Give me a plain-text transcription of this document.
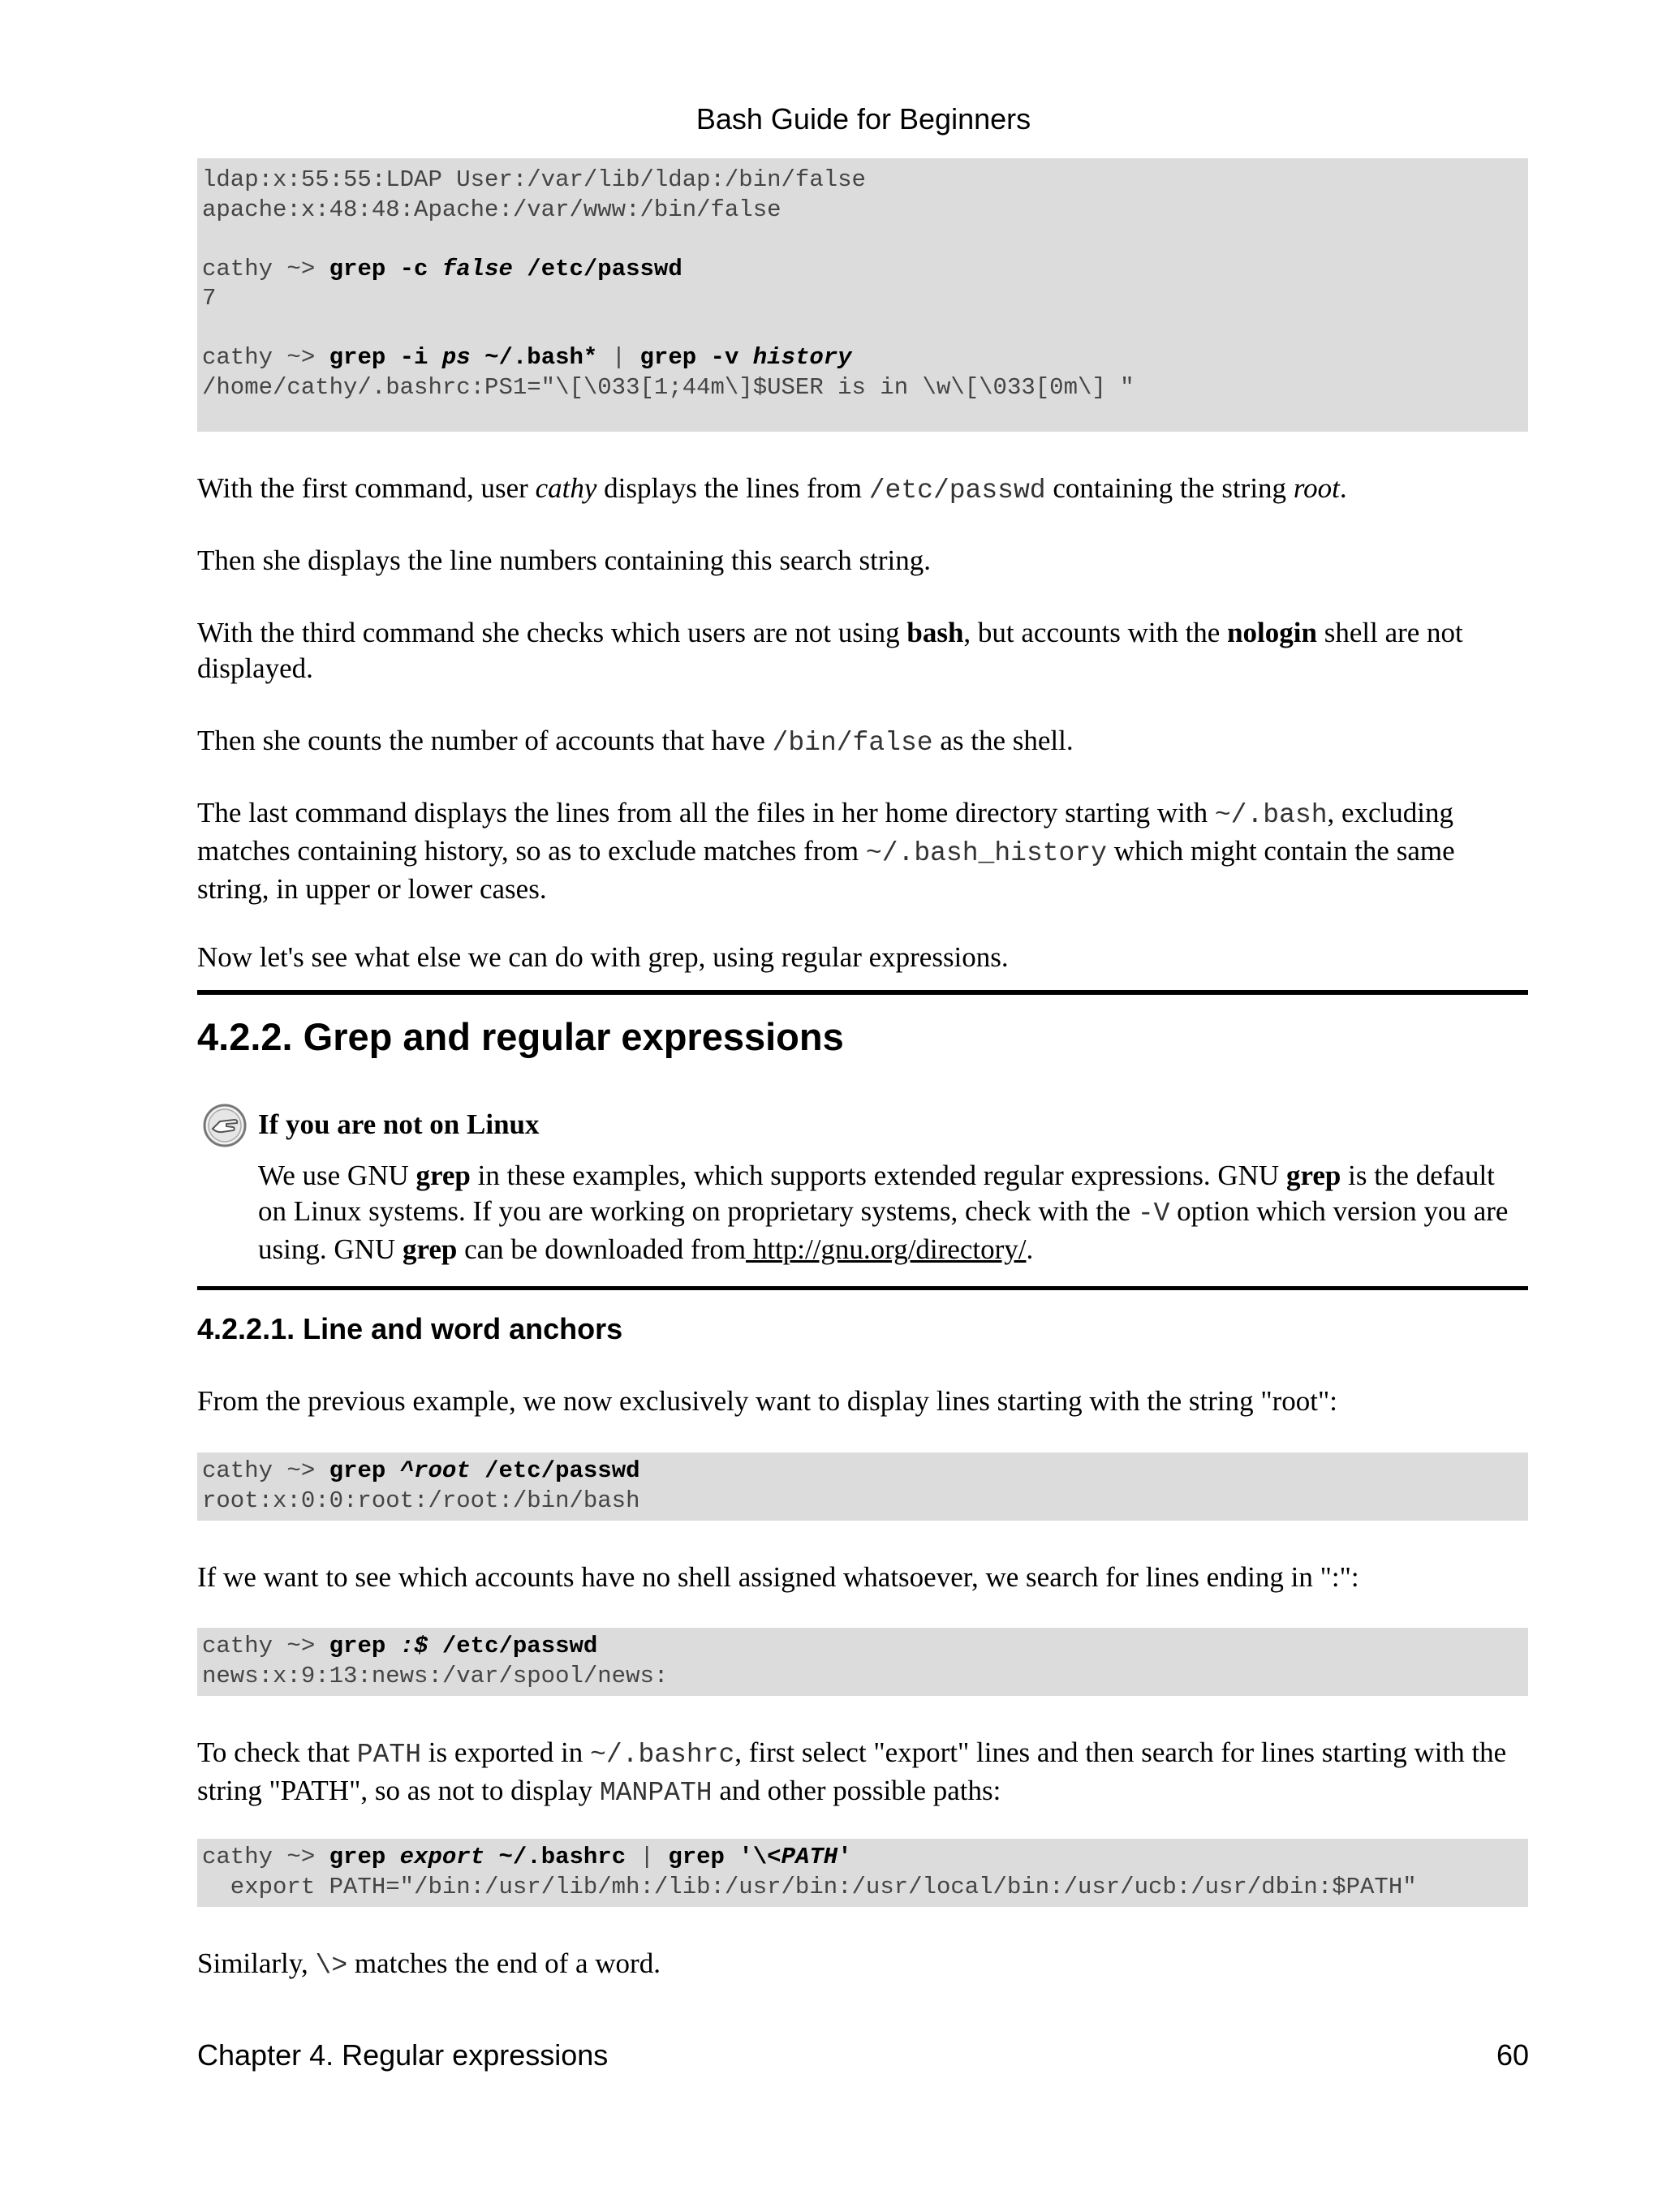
Bash Guide for Beginners
ldap:x:55:55:LDAP User:/var/lib/ldap:/bin/false
apache:x:48:48:Apache:/var/www:/bin/false
cathy ~> grep -c false /etc/passwd
7
cathy ~> grep -i ps ~/.bash* | grep -v history
/home/cathy/.bashrc:PS1="\[\033[1;44m\]$USER is in \w\[\033[0m\] "
With the first command, user cathy displays the lines from /etc/passwd containing the string root.
Then she displays the line numbers containing this search string.
With the third command she checks which users are not using bash, but accounts with the nologin shell are not displayed.
Then she counts the number of accounts that have /bin/false as the shell.
The last command displays the lines from all the files in her home directory starting with ~/.bash, excluding matches containing history, so as to exclude matches from ~/.bash_history which might contain the same string, in upper or lower cases.
Now let's see what else we can do with grep, using regular expressions.
4.2.2. Grep and regular expressions
If you are not on Linux
We use GNU grep in these examples, which supports extended regular expressions. GNU grep is the default on Linux systems. If you are working on proprietary systems, check with the -V option which version you are using. GNU grep can be downloaded from http://gnu.org/directory/.
4.2.2.1. Line and word anchors
From the previous example, we now exclusively want to display lines starting with the string "root":
cathy ~> grep ^root /etc/passwd
root:x:0:0:root:/root:/bin/bash
If we want to see which accounts have no shell assigned whatsoever, we search for lines ending in ":":
cathy ~> grep :$ /etc/passwd
news:x:9:13:news:/var/spool/news:
To check that PATH is exported in ~/.bashrc, first select "export" lines and then search for lines starting with the string "PATH", so as not to display MANPATH and other possible paths:
cathy ~> grep export ~/.bashrc | grep '\<PATH'
export PATH="/bin:/usr/lib/mh:/lib:/usr/bin:/usr/local/bin:/usr/ucb:/usr/dbin:$PATH"
Similarly, \> matches the end of a word.
Chapter 4. Regular expressions	60
